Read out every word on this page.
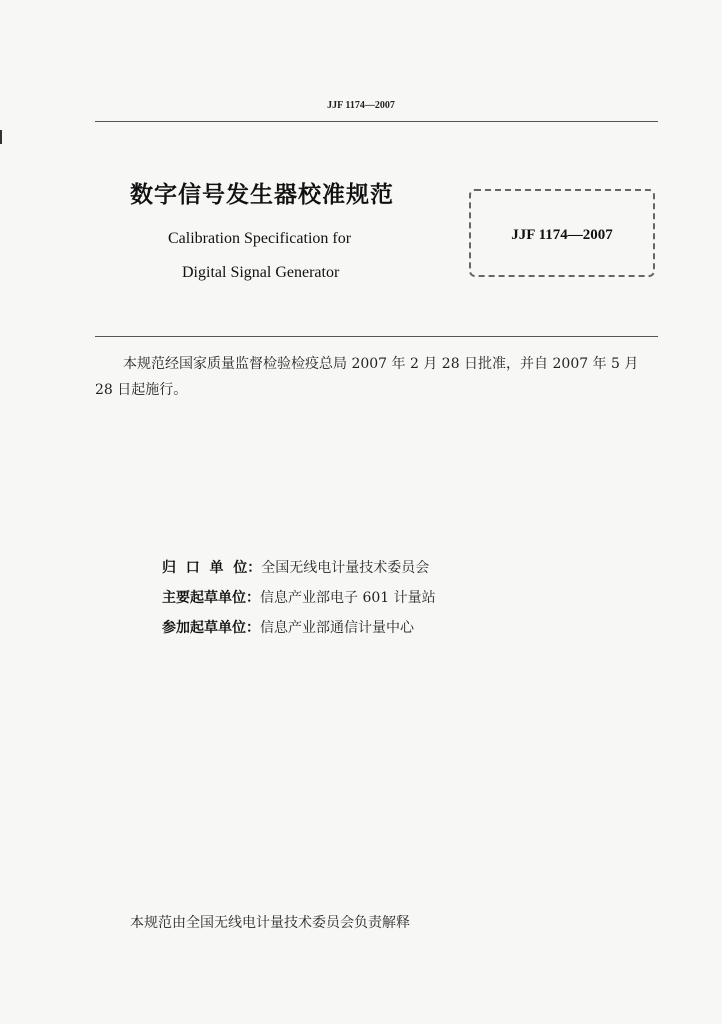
JJF 1174—2007
数字信号发生器校准规范
Calibration Specification for
Digital Signal Generator
JJF 1174—2007
本规范经国家质量监督检验检疫总局 2007 年 2 月 28 日批准，并自 2007 年 5 月 28 日起施行。
归  口  单  位： 全国无线电计量技术委员会
主要起草单位： 信息产业部电子 601 计量站
参加起草单位： 信息产业部通信计量中心
本规范由全国无线电计量技术委员会负责解释
